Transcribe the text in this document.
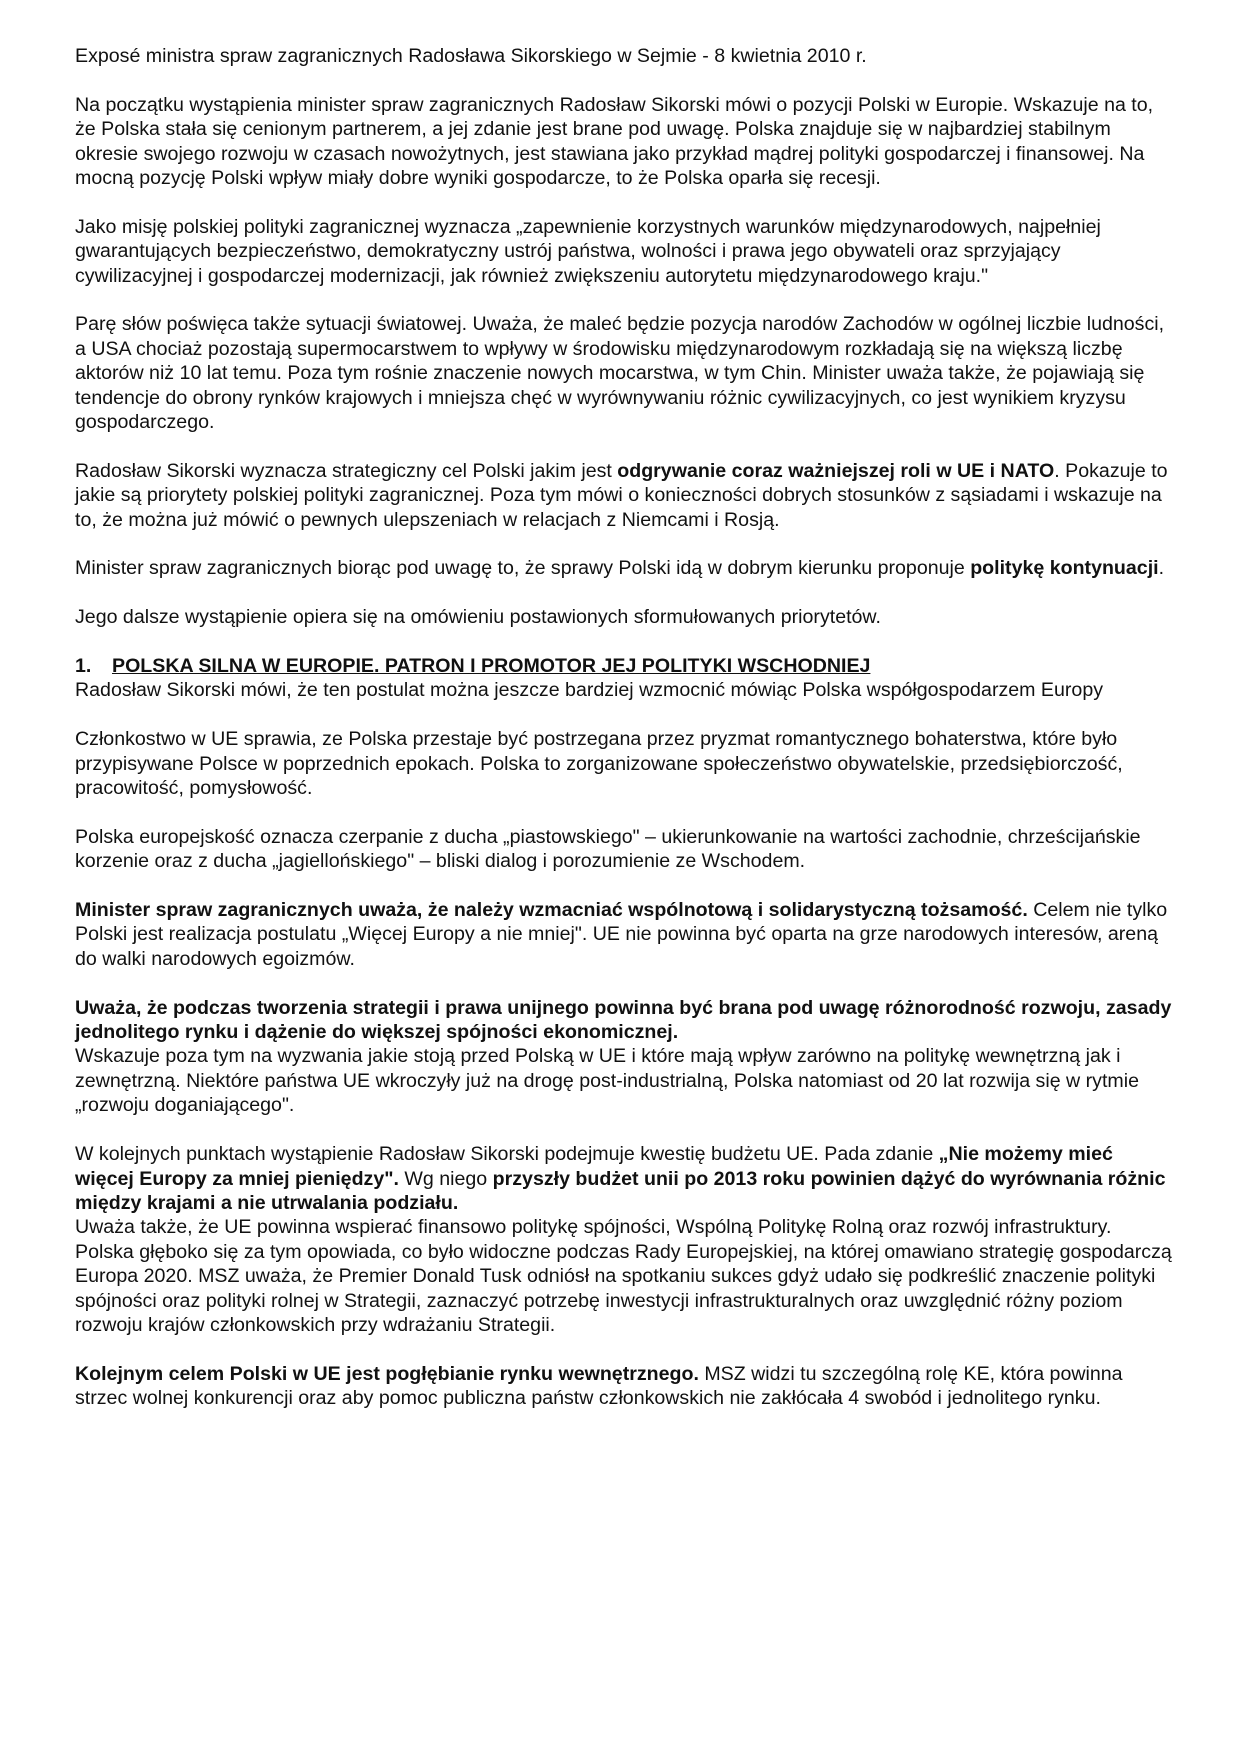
Exposé ministra spraw zagranicznych Radosława Sikorskiego w Sejmie - 8 kwietnia 2010 r.

Na początku wystąpienia minister spraw zagranicznych Radosław Sikorski mówi o pozycji Polski w Europie. Wskazuje na to, że Polska stała się cenionym partnerem, a jej zdanie jest brane pod uwagę. Polska znajduje się w najbardziej stabilnym okresie swojego rozwoju w czasach nowożytnych, jest stawiana jako przykład mądrej polityki gospodarczej i finansowej. Na mocną pozycję Polski wpływ miały dobre wyniki gospodarcze, to że Polska oparła się recesji.

Jako misję polskiej polityki zagranicznej wyznacza „zapewnienie korzystnych warunków międzynarodowych, najpełniej gwarantujących bezpieczeństwo, demokratyczny ustrój państwa, wolności i prawa jego obywateli oraz sprzyjający cywilizacyjnej i gospodarczej modernizacji, jak również zwiększeniu autorytetu międzynarodowego kraju."

Parę słów poświęca także sytuacji światowej. Uważa, że maleć będzie pozycja narodów Zachodów w ogólnej liczbie ludności, a USA chociaż pozostają supermocarstwem to wpływy w środowisku międzynarodowym rozkładają się na większą liczbę aktorów niż 10 lat temu. Poza tym rośnie znaczenie nowych mocarstwa, w tym Chin. Minister uważa także, że pojawiają się tendencje do obrony rynków krajowych i mniejsza chęć w wyrównywaniu różnic cywilizacyjnych, co jest wynikiem kryzysu gospodarczego.

Radosław Sikorski wyznacza strategiczny cel Polski jakim jest odgrywanie coraz ważniejszej roli w UE i NATO. Pokazuje to jakie są priorytety polskiej polityki zagranicznej. Poza tym mówi o konieczności dobrych stosunków z sąsiadami i wskazuje na to, że można już mówić o pewnych ulepszeniach w relacjach z Niemcami i Rosją.

Minister spraw zagranicznych biorąc pod uwagę to, że sprawy Polski idą w dobrym kierunku proponuje politykę kontynuacji.

Jego dalsze wystąpienie opiera się na omówieniu postawionych sformułowanych priorytetów.

1.	POLSKA SILNA W EUROPIE. PATRON I PROMOTOR JEJ POLITYKI WSCHODNIEJ

Radosław Sikorski mówi, że ten postulat można jeszcze bardziej wzmocnić mówiąc Polska współgospodarzem Europy

Członkostwo w UE sprawia, ze Polska przestaje być postrzegana przez pryzmat romantycznego bohaterstwa, które było przypisywane Polsce w poprzednich epokach. Polska to zorganizowane społeczeństwo obywatelskie, przedsiębiorczość, pracowitość, pomysłowość.

Polska europejskość oznacza czerpanie z ducha „piastowskiego" – ukierunkowanie na wartości zachodnie, chrześcijańskie korzenie oraz z ducha „jagiellońskiego" – bliski dialog i porozumienie ze Wschodem.

Minister spraw zagranicznych uważa, że należy wzmacniać wspólnotową i solidarystyczną tożsamość. Celem nie tylko Polski jest realizacja postulatu „Więcej Europy a nie mniej". UE nie powinna być oparta na grze narodowych interesów, areną do walki narodowych egoizmów.

Uważa, że podczas tworzenia strategii i prawa unijnego powinna być brana pod uwagę różnorodność rozwoju, zasady jednolitego rynku i dążenie do większej spójności ekonomicznej.

Wskazuje poza tym na wyzwania jakie stoją przed Polską w UE i które mają wpływ zarówno na politykę wewnętrzną jak i zewnętrzną. Niektóre państwa UE wkroczyły już na drogę post-industrialną, Polska natomiast od 20 lat rozwija się w rytmie „rozwoju doganiającego".

W kolejnych punktach wystąpienie Radosław Sikorski podejmuje kwestię budżetu UE. Pada zdanie „Nie możemy mieć więcej Europy za mniej pieniędzy". Wg niego przyszły budżet unii po 2013 roku powinien dążyć do wyrównania różnic między krajami a nie utrwalania podziału.

Uważa także, że UE powinna wspierać finansowo politykę spójności, Wspólną Politykę Rolną oraz rozwój infrastruktury. Polska głęboko się za tym opowiada, co było widoczne podczas Rady Europejskiej, na której omawiano strategię gospodarczą Europa 2020. MSZ uważa, że Premier Donald Tusk odniósł na spotkaniu sukces gdyż udało się podkreślić znaczenie polityki spójności oraz polityki rolnej w Strategii, zaznaczyć potrzebę inwestycji infrastrukturalnych oraz uwzględnić różny poziom rozwoju krajów członkowskich przy wdrażaniu Strategii.

Kolejnym celem Polski w UE jest pogłębianie rynku wewnętrznego. MSZ widzi tu szczególną rolę KE, która powinna strzec wolnej konkurencji oraz aby pomoc publiczna państw członkowskich nie zakłócała 4 swobód i jednolitego rynku.
